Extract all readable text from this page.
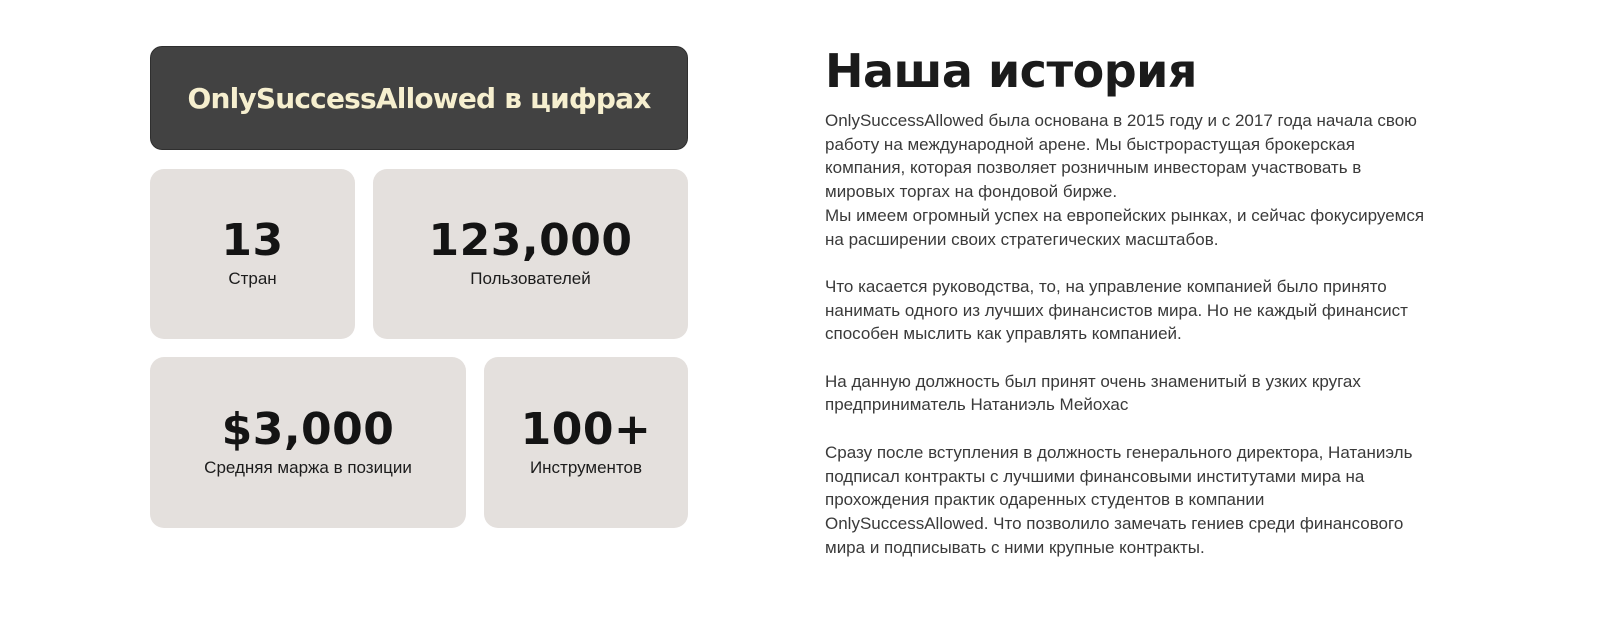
OnlySuccessAllowed в цифрах
13
Стран
123,000
Пользователей
$3,000
Средняя маржа в позиции
100+
Инструментов
Наша история

OnlySuccessAllowed была основана в 2015 году и с 2017 года начала свою
работу на международной арене. Мы быстрорастущая брокерская
компания, которая позволяет розничным инвесторам участвовать в
мировых торгах на фондовой бирже.
Мы имеем огромный успех на европейских рынках, и сейчас фокусируемся
на расширении своих стратегических масштабов.

Что касается руководства, то, на управление компанией было принято
нанимать одного из лучших финансистов мира. Но не каждый финансист
способен мыслить как управлять компанией.

На данную должность был принят очень знаменитый в узких кругах
предприниматель Натаниэль Мейохас

Сразу после вступления в должность генерального директора, Натаниэль
подписал контракты с лучшими финансовыми институтами мира на
прохождения практик одаренных студентов в компании
OnlySuccessAllowed. Что позволило замечать гениев среди финансового
мира и подписывать с ними крупные контракты.
